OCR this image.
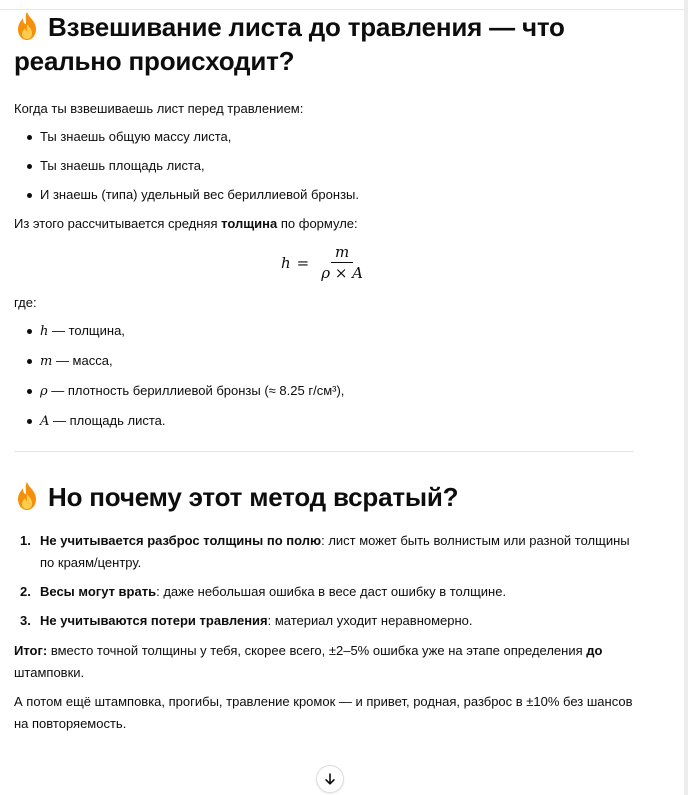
Взвешивание листа до травления — что реально происходит?

Когда ты взвешиваешь лист перед травлением:

Ты знаешь общую массу листа,
Ты знаешь площадь листа,
И знаешь (типа) удельный вес бериллиевой бронзы.

Из этого рассчитывается средняя толщина по формуле:

$h = \frac{m}{\rho \times A}$

где:

h — толщина,
m — масса,
ρ — плотность бериллиевой бронзы (≈ 8.25 г/см³),
A — площадь листа.
Но почему этот метод всратый?
1. Не учитывается разброс толщины по полю: лист может быть волнистым или разной толщины по краям/центру.
2. Весы могут врать: даже небольшая ошибка в весе даст ошибку в толщине.
3. Не учитываются потери травления: материал уходит неравномерно.

Итог: вместо точной толщины у тебя, скорее всего, ±2–5% ошибка уже на этапе определения до штамповки.

А потом ещё штамповка, прогибы, травление кромок — и привет, родная, разброс в ±10% без шансов на повторяемость.
